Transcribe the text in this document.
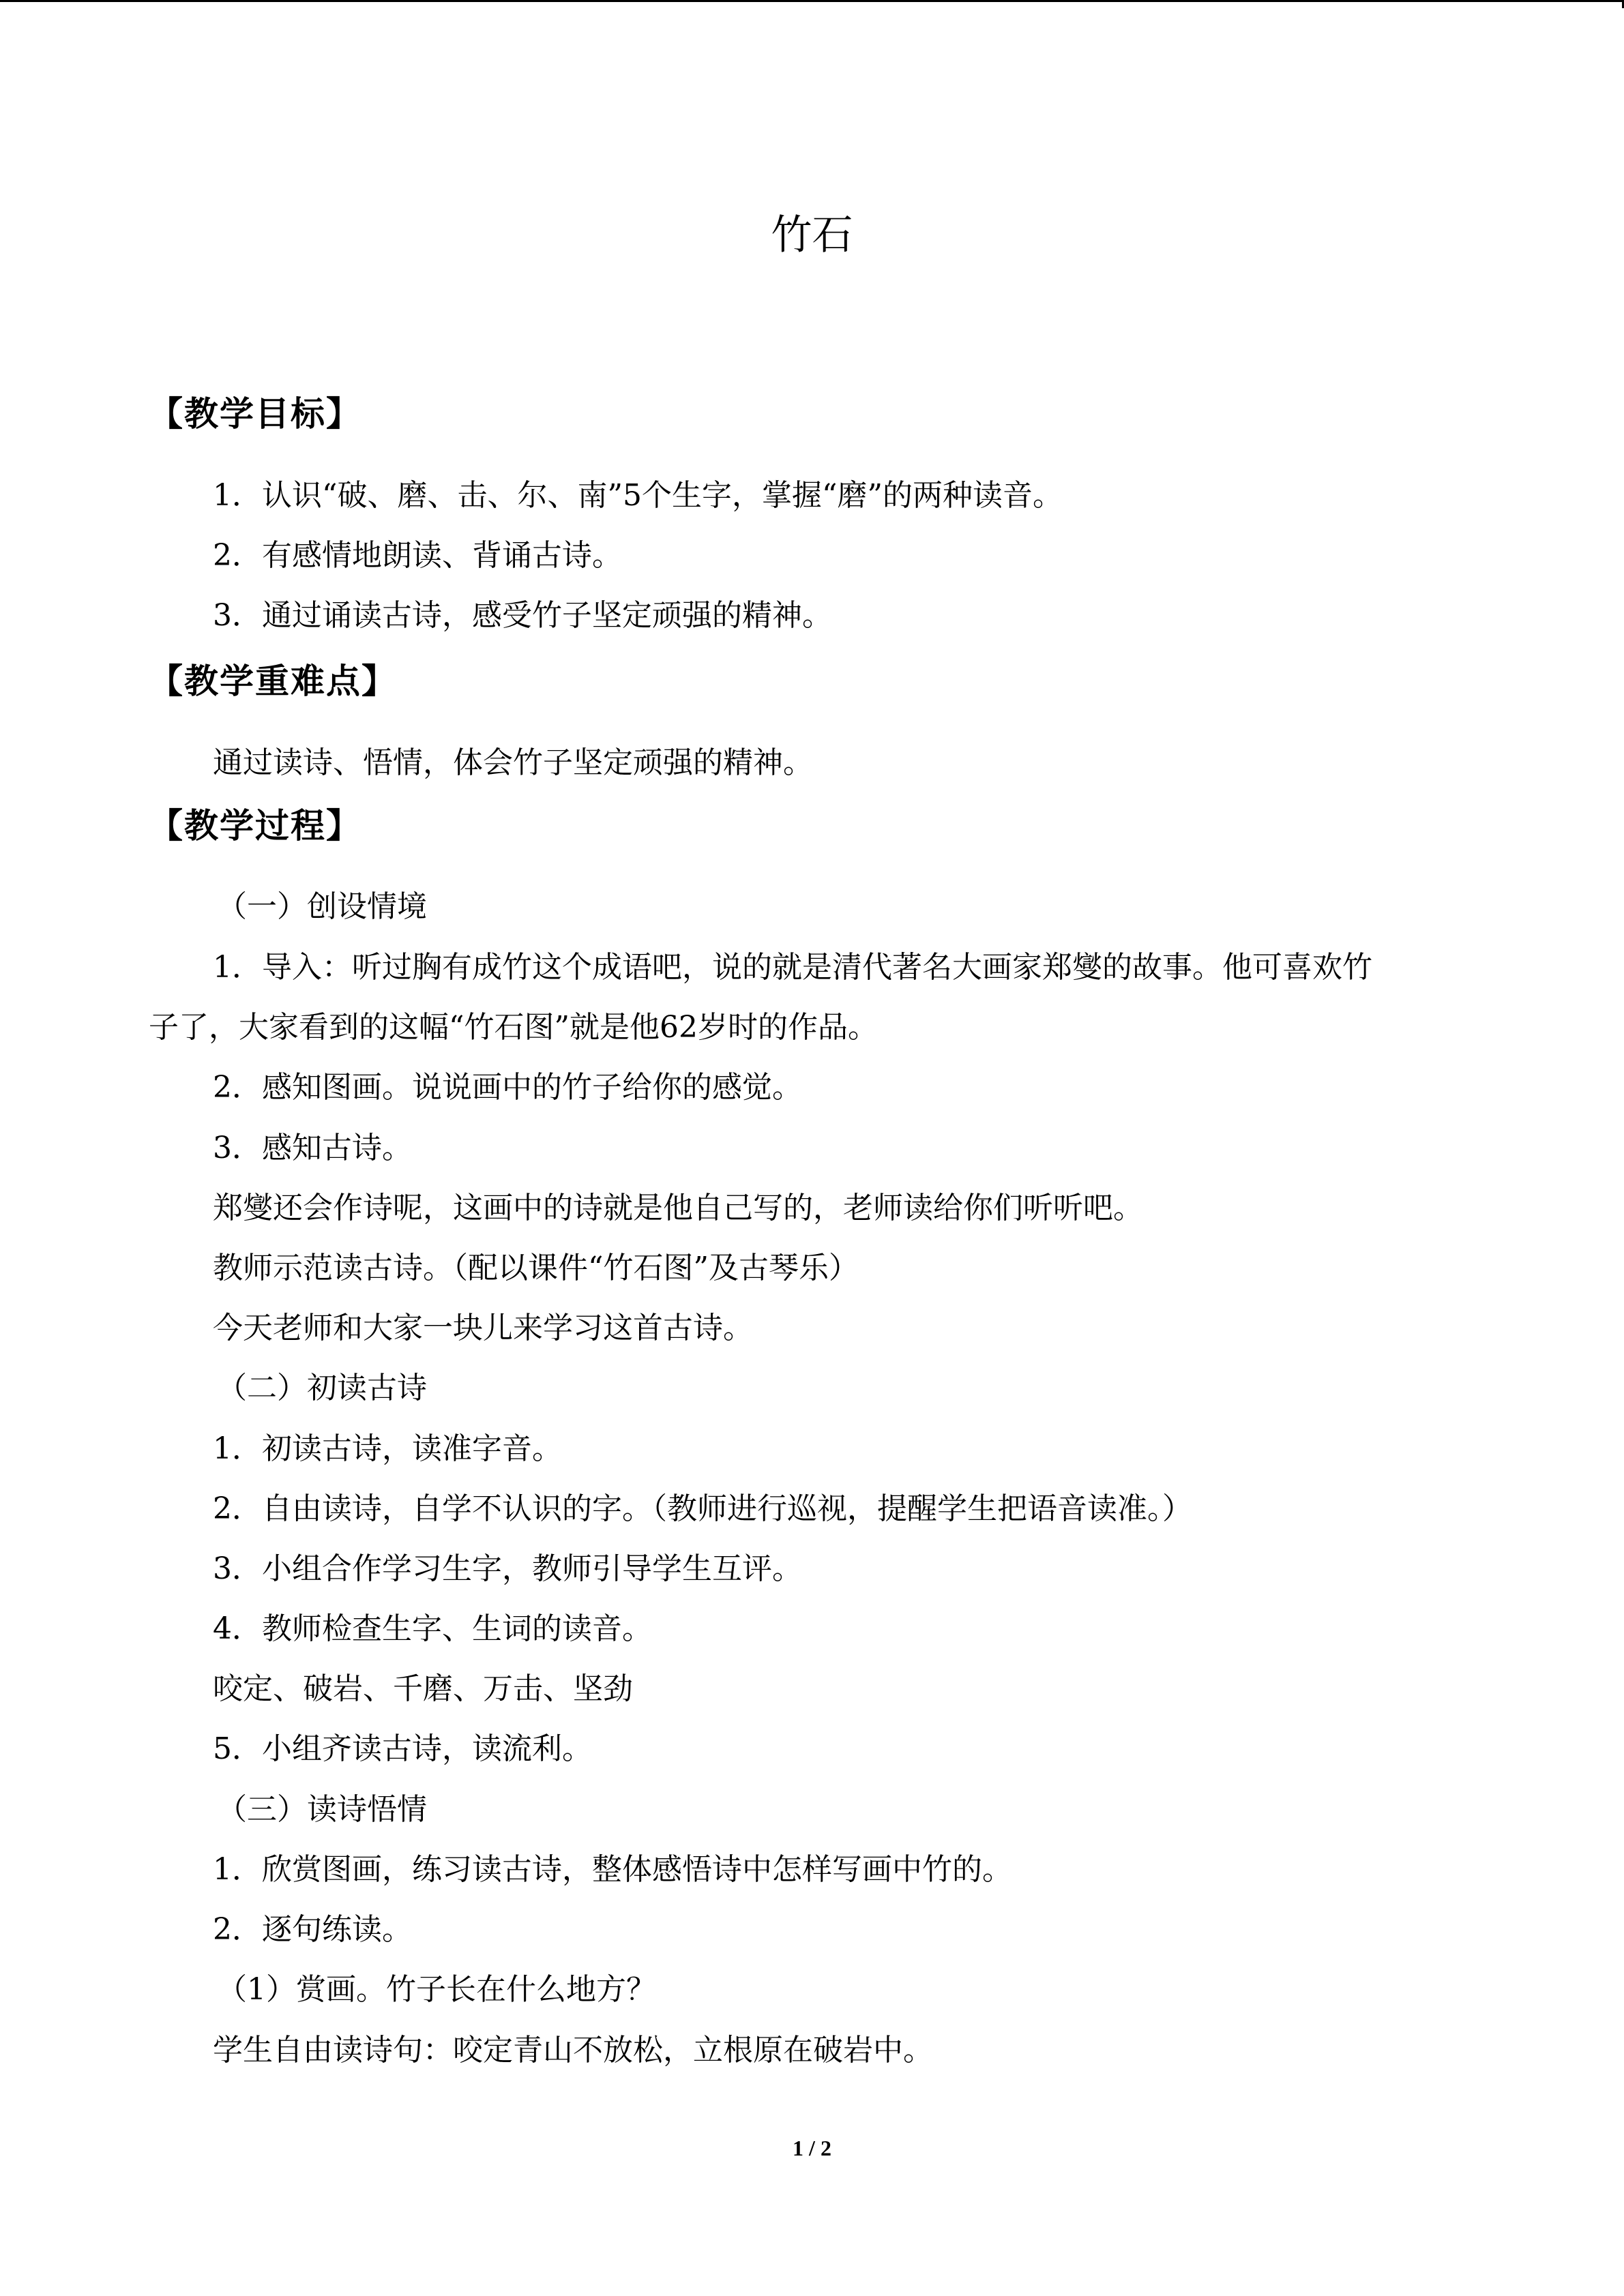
竹石
【教学目标】
1．认识“破、磨、击、尔、南”5个生字，掌握“磨”的两种读音。
2．有感情地朗读、背诵古诗。
3．通过诵读古诗，感受竹子坚定顽强的精神。
【教学重难点】
通过读诗、悟情，体会竹子坚定顽强的精神。
【教学过程】
（一）创设情境
1．导入：听过胸有成竹这个成语吧，说的就是清代著名大画家郑燮的故事。他可喜欢竹
子了，大家看到的这幅“竹石图”就是他62岁时的作品。
2．感知图画。说说画中的竹子给你的感觉。
3．感知古诗。
郑燮还会作诗呢，这画中的诗就是他自己写的，老师读给你们听听吧。
教师示范读古诗。（配以课件“竹石图”及古琴乐）
今天老师和大家一块儿来学习这首古诗。
（二）初读古诗
1．初读古诗，读准字音。
2．自由读诗，自学不认识的字。（教师进行巡视，提醒学生把语音读准。）
3．小组合作学习生字，教师引导学生互评。
4．教师检查生字、生词的读音。
咬定、破岩、千磨、万击、坚劲
5．小组齐读古诗，读流利。
（三）读诗悟情
1．欣赏图画，练习读古诗，整体感悟诗中怎样写画中竹的。
2．逐句练读。
（1）赏画。竹子长在什么地方？
学生自由读诗句：咬定青山不放松，立根原在破岩中。
1 / 2
